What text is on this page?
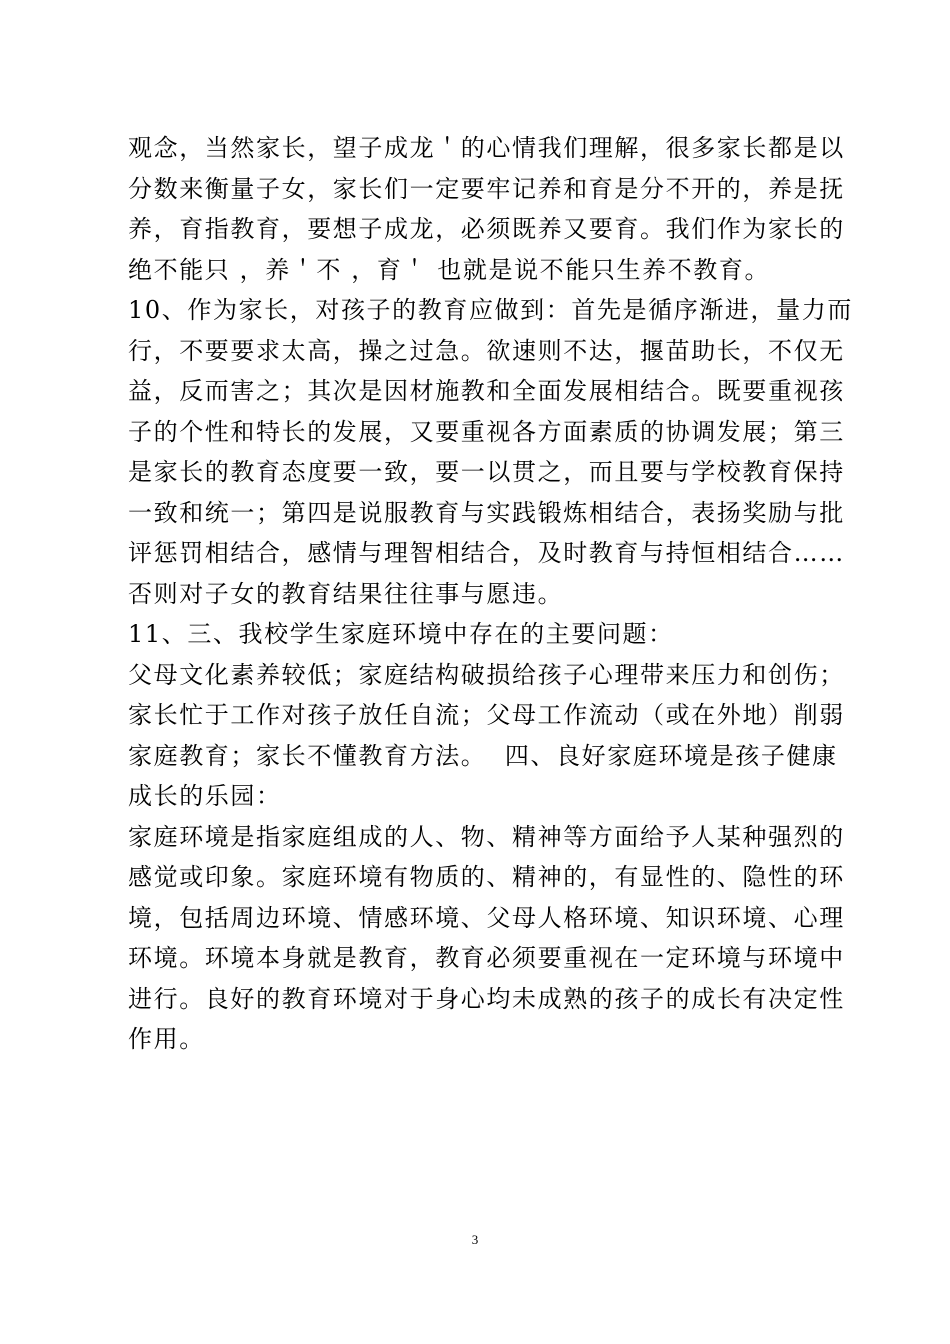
观念，当然家长，望子成龙＇的心情我们理解，很多家长都是以
分数来衡量子女，家长们一定要牢记养和育是分不开的，养是抚
养，育指教育，要想子成龙，必须既养又要育。我们作为家长的
绝不能只 ，养＇不 ，育＇ 也就是说不能只生养不教育。
10、作为家长，对孩子的教育应做到：首先是循序渐进，量力而
行，不要要求太高，操之过急。欲速则不达，揠苗助长，不仅无
益，反而害之；其次是因材施教和全面发展相结合。既要重视孩
子的个性和特长的发展，又要重视各方面素质的协调发展；第三
是家长的教育态度要一致，要一以贯之，而且要与学校教育保持
一致和统一；第四是说服教育与实践锻炼相结合，表扬奖励与批
评惩罚相结合，感情与理智相结合，及时教育与持恒相结合……
否则对子女的教育结果往往事与愿违。
11、三、我校学生家庭环境中存在的主要问题：
父母文化素养较低；家庭结构破损给孩子心理带来压力和创伤；
家长忙于工作对孩子放任自流；父母工作流动（或在外地）削弱
家庭教育；家长不懂教育方法。  四、良好家庭环境是孩子健康
成长的乐园：
家庭环境是指家庭组成的人、物、精神等方面给予人某种强烈的
感觉或印象。家庭环境有物质的、精神的，有显性的、隐性的环
境，包括周边环境、情感环境、父母人格环境、知识环境、心理
环境。环境本身就是教育，教育必须要重视在一定环境与环境中
进行。良好的教育环境对于身心均未成熟的孩子的成长有决定性
作用。
3
